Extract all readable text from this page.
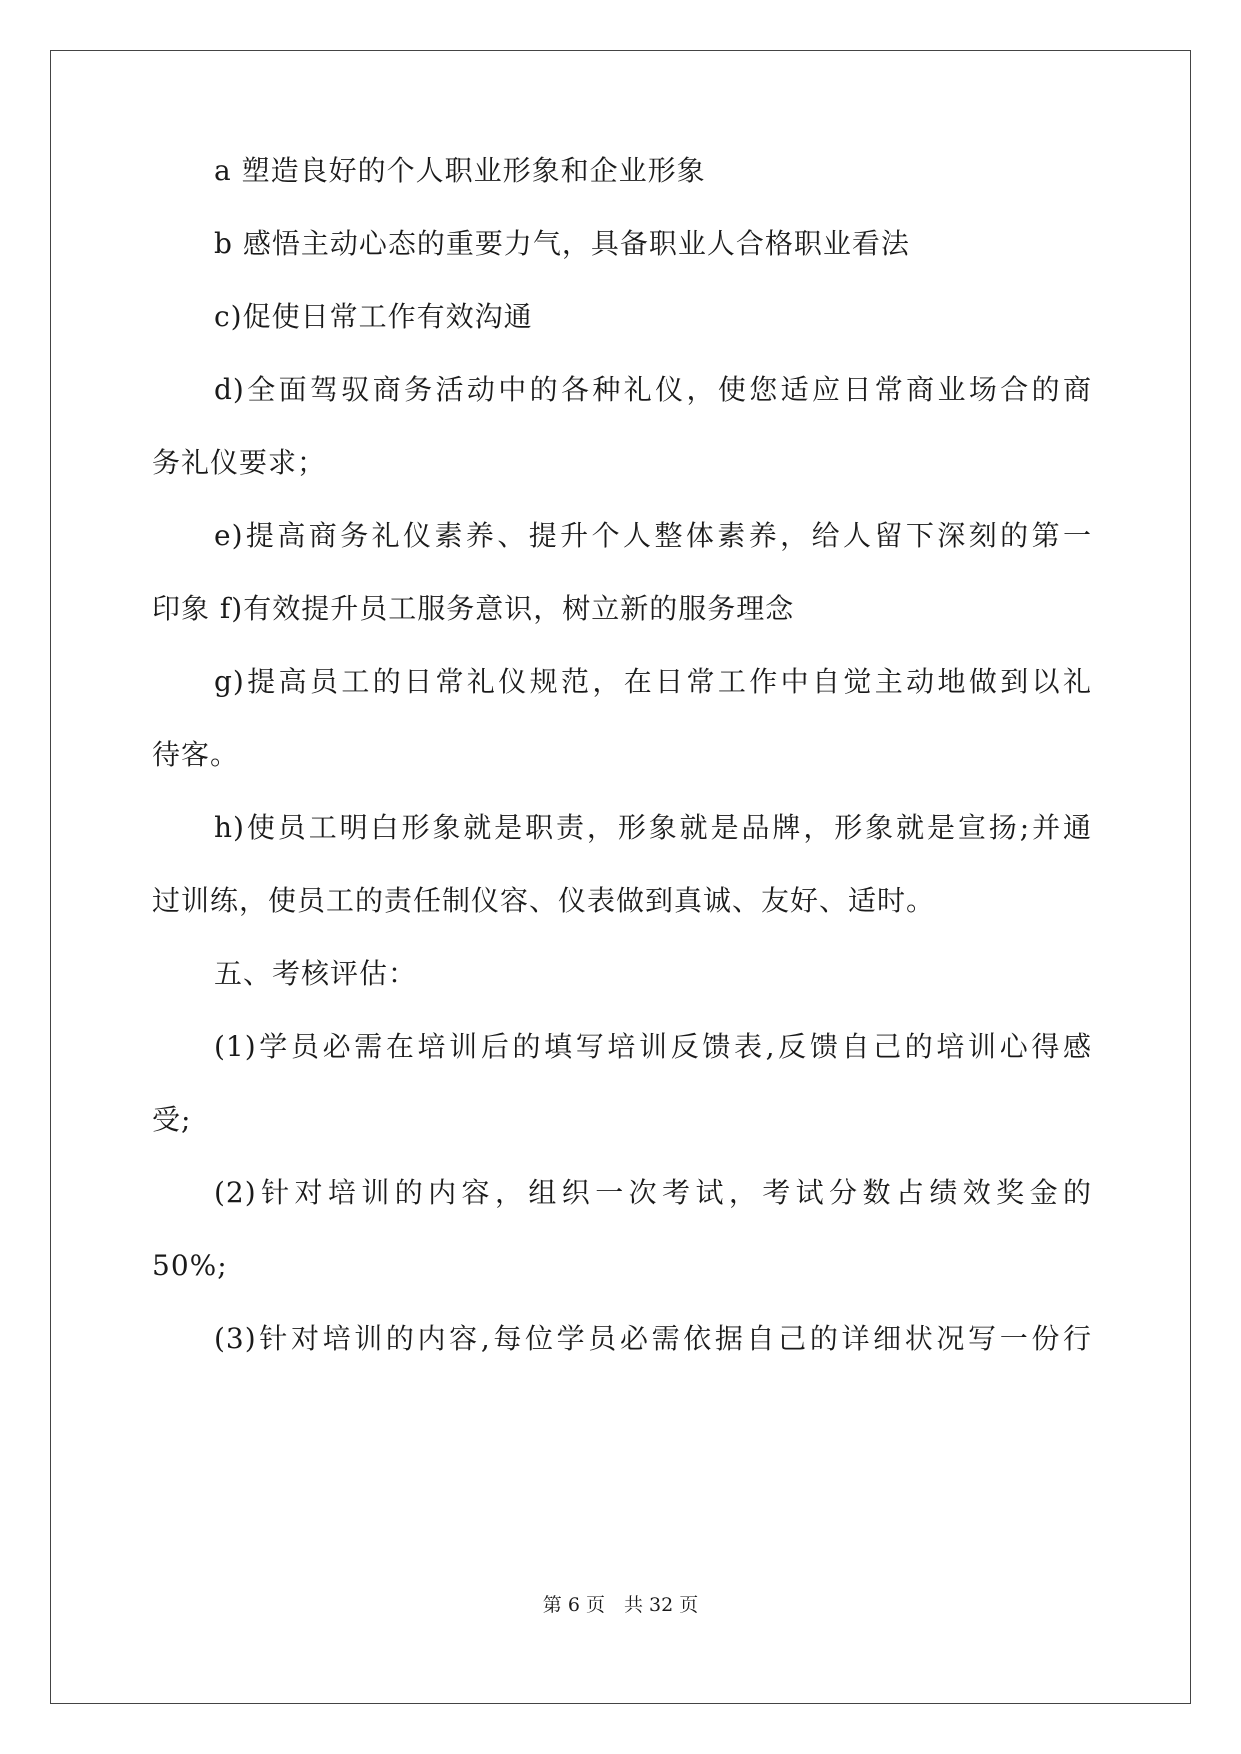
a 塑造良好的个人职业形象和企业形象
b 感悟主动心态的重要力气，具备职业人合格职业看法
c)促使日常工作有效沟通
d)全面驾驭商务活动中的各种礼仪，使您适应日常商业场合的商
务礼仪要求；
e)提高商务礼仪素养、提升个人整体素养，给人留下深刻的第一
印象 f)有效提升员工服务意识，树立新的服务理念
g)提高员工的日常礼仪规范，在日常工作中自觉主动地做到以礼
待客。
h)使员工明白形象就是职责，形象就是品牌，形象就是宣扬;并通
过训练，使员工的责任制仪容、仪表做到真诚、友好、适时。
五、考核评估：
(1)学员必需在培训后的填写培训反馈表,反馈自己的培训心得感
受;
(2)针对培训的内容，组织一次考试，考试分数占绩效奖金的
50%;
(3)针对培训的内容,每位学员必需依据自己的详细状况写一份行
第 6 页　共 32 页
